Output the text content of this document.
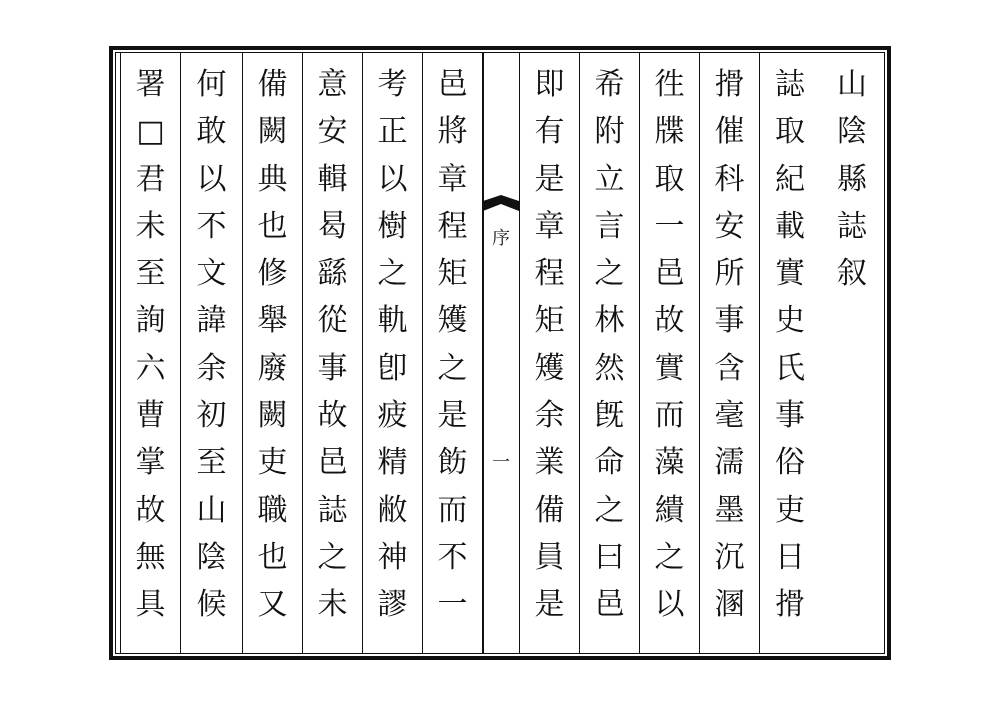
山
陰
縣
誌
叙
誌
取
紀
載
實
史
氏
事
俗
吏
日
搰
搰
催
科
安
所
事
含
毫
濡
墨
沉
溷
徃
牒
取
一
邑
故
實
而
藻
繢
之
以
希
附
立
言
之
林
然
旣
命
之
曰
邑
即
有
是
章
程
矩
矱
余
業
備
員
是
序
一
邑
將
章
程
矩
矱
之
是
飭
而
不
一
考
正
以
樹
之
軌
卽
疲
精
敝
神
謬
意
安
輯
曷
繇
從
事
故
邑
誌
之
未
備
闕
典
也
修
舉
廢
闕
吏
職
也
又
何
敢
以
不
文
諱
余
初
至
山
陰
候
署
□
君
未
至
詢
六
曹
掌
故
無
具
